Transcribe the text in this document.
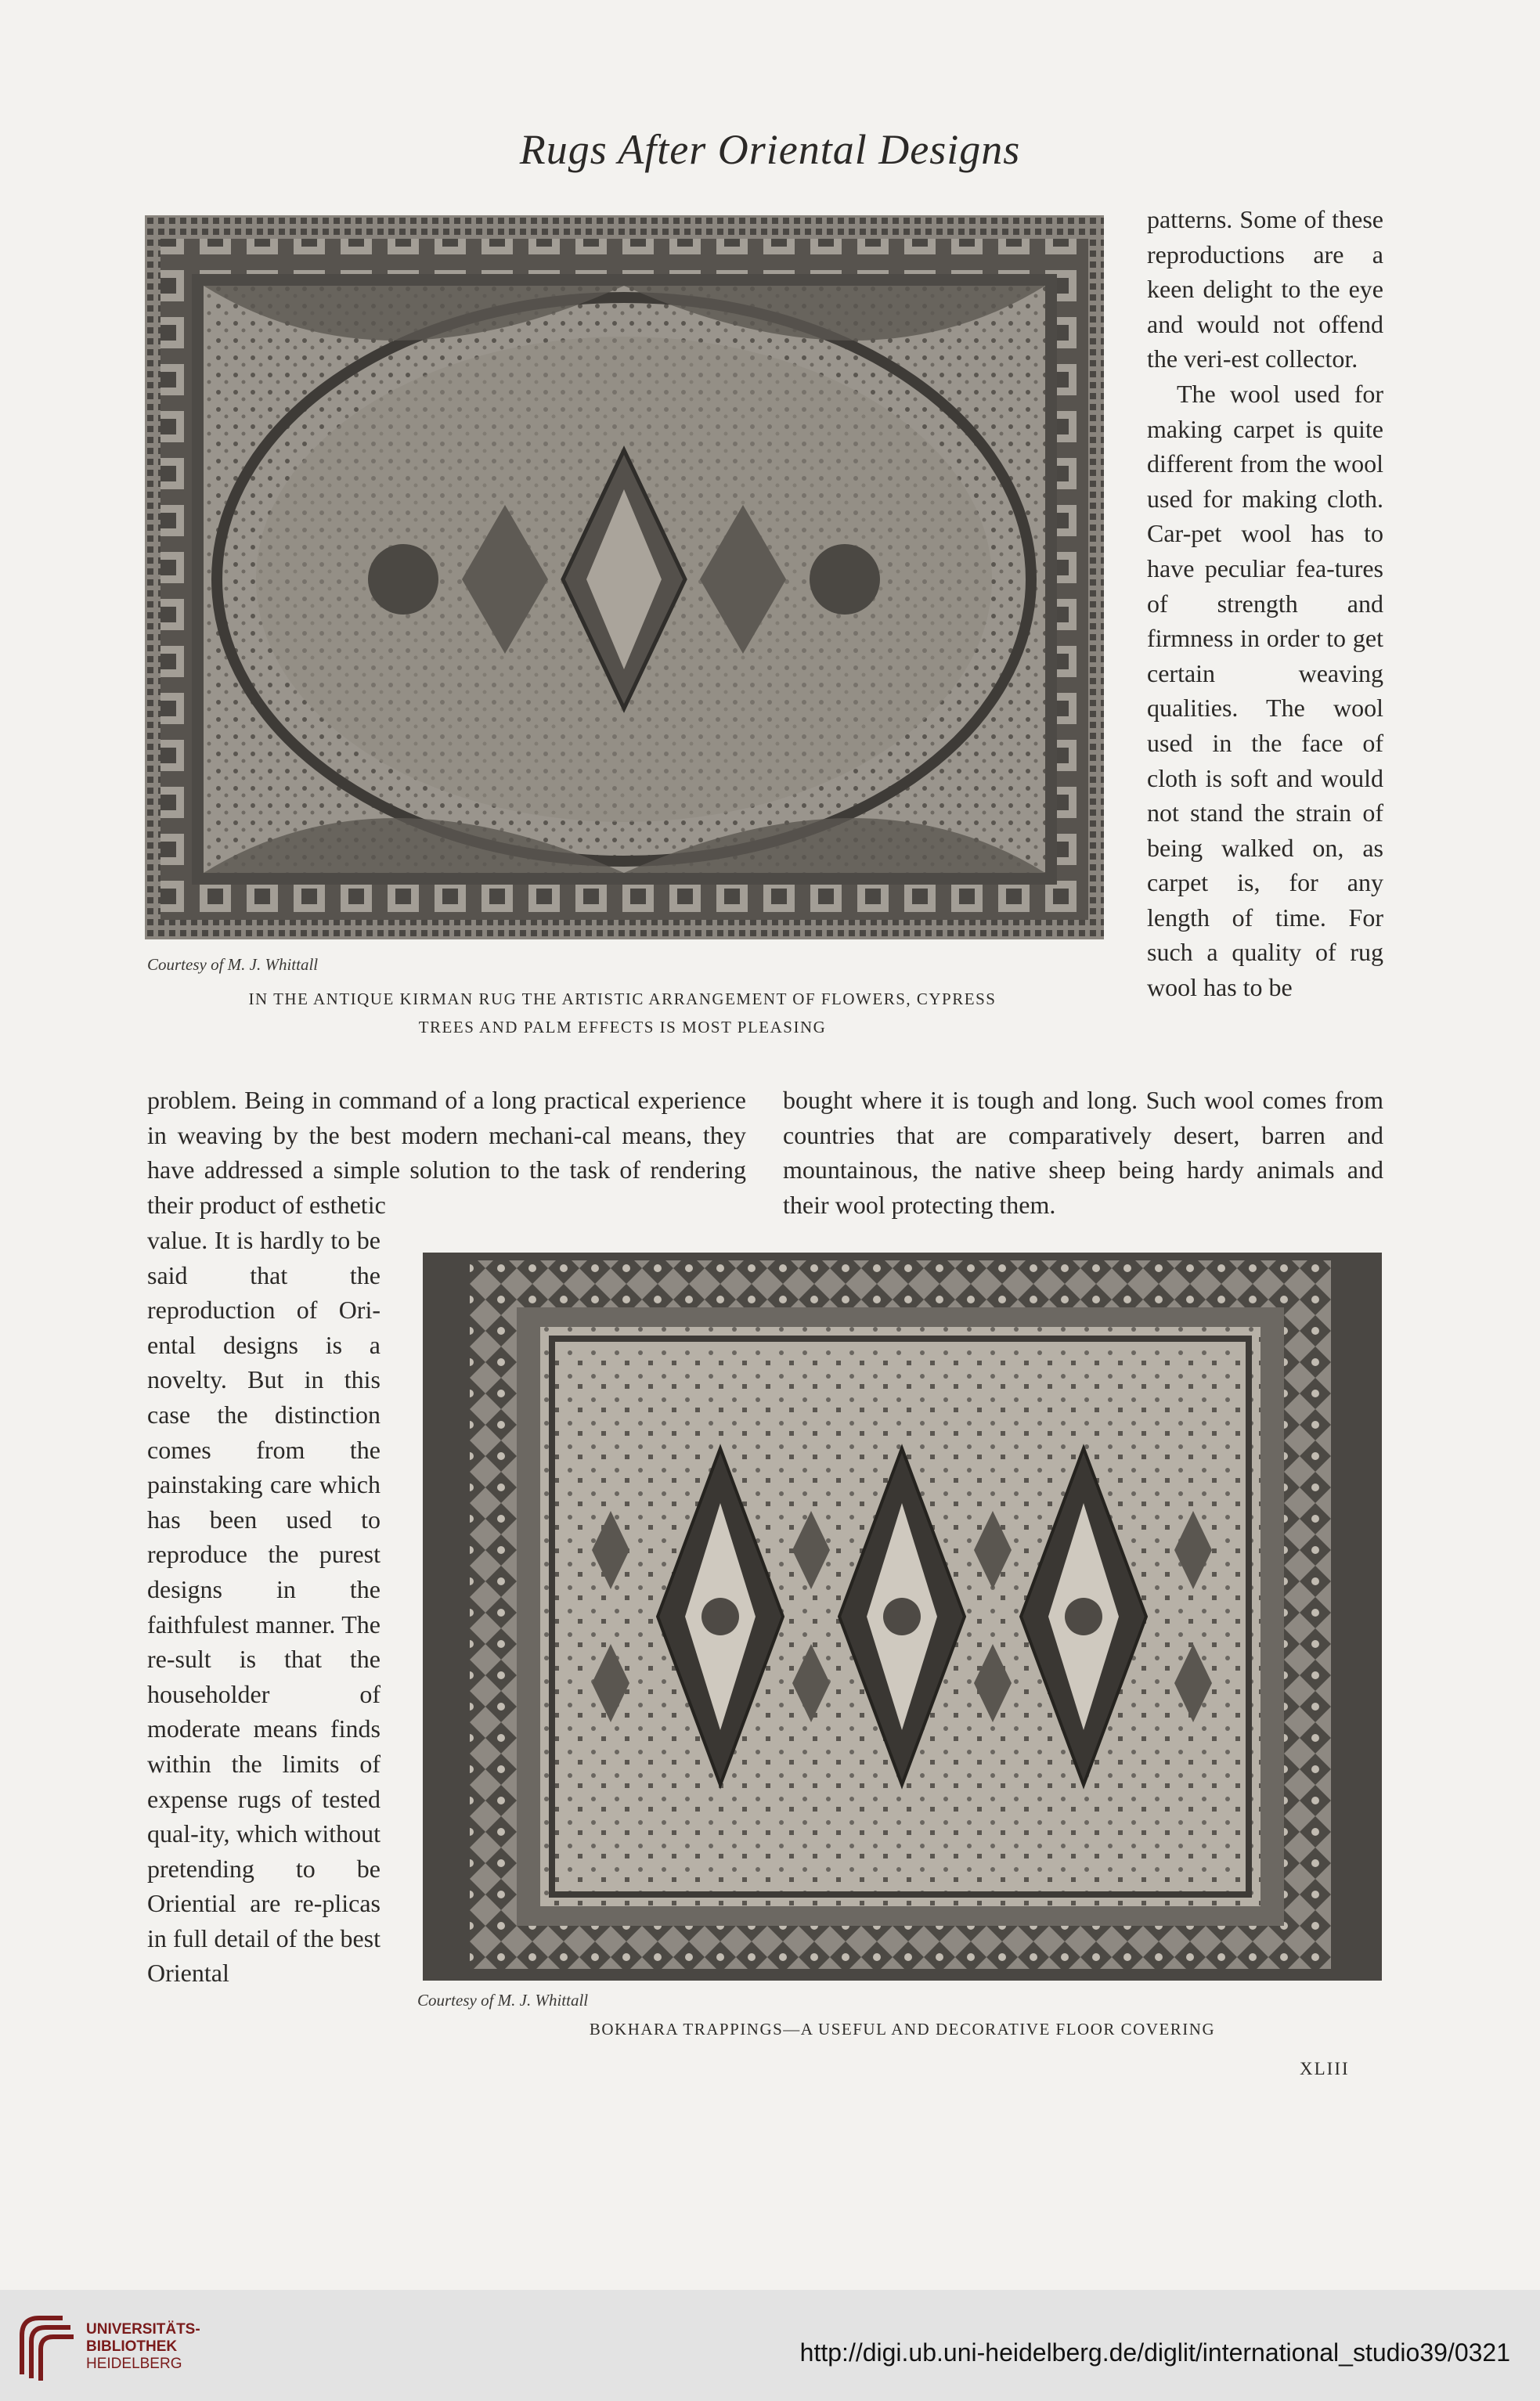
Rugs After Oriental Designs
Courtesy of M. J. Whittall
IN THE ANTIQUE KIRMAN RUG THE ARTISTIC ARRANGEMENT OF FLOWERS, CYPRESS
TREES AND PALM EFFECTS IS MOST PLEASING

patterns. Some of these reproductions are a keen delight to the eye and would not offend the veri-est collector.

The wool used for making carpet is quite different from the wool used for making cloth. Car-pet wool has to have peculiar fea-tures of strength and firmness in order to get certain weaving qualities. The wool used in the face of cloth is soft and would not stand the strain of being walked on, as carpet is, for any length of time. For such a quality of rug wool has to be

problem. Being in command of a long practical experience in weaving by the best modern mechani-cal means, they have addressed a simple solution to the task of rendering their product of esthetic

bought where it is tough and long. Such wool comes from countries that are comparatively desert, barren and mountainous, the native sheep being hardy animals and their wool protecting them.

value. It is hardly to be said that the reproduction of Ori-ental designs is a novelty. But in this case the distinction comes from the painstaking care which has been used to reproduce the purest designs in the faithfulest manner. The re-sult is that the householder of moderate means finds within the limits of expense rugs of tested qual-ity, which without pretending to be Oriential are re-plicas in full detail of the best Oriental

Courtesy of M. J. Whittall
BOKHARA TRAPPINGS—A USEFUL AND DECORATIVE FLOOR COVERING
XLIII
UNIVERSITÄTS-
BIBLIOTHEK
HEIDELBERG	http://digi.ub.uni-heidelberg.de/diglit/international_studio39/0321
